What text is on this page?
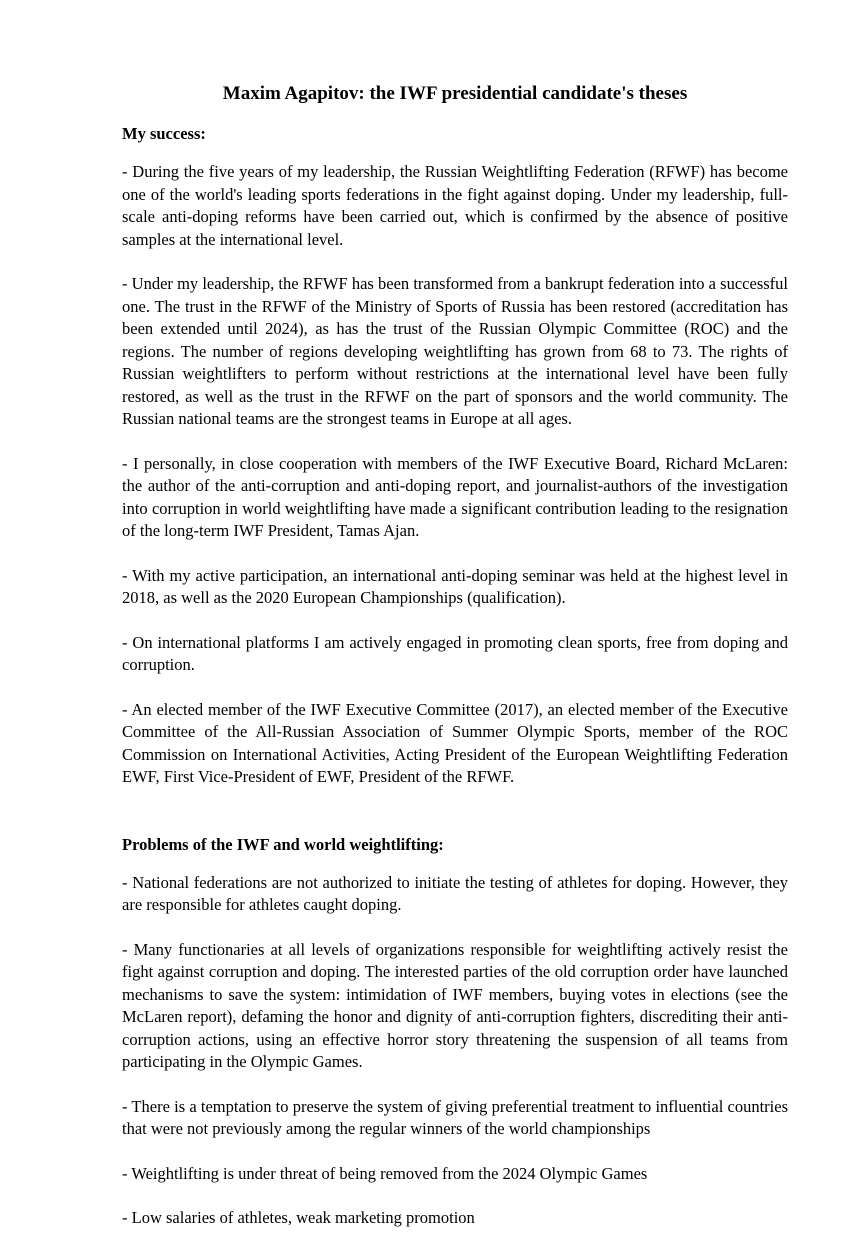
Maxim Agapitov: the IWF presidential candidate's theses
My success:

- During the five years of my leadership, the Russian Weightlifting Federation (RFWF) has become one of the world's leading sports federations in the fight against doping. Under my leadership, full-scale anti-doping reforms have been carried out, which is confirmed by the absence of positive samples at the international level.

- Under my leadership, the RFWF has been transformed from a bankrupt federation into a successful one. The trust in the RFWF of the Ministry of Sports of Russia has been restored (accreditation has been extended until 2024), as has the trust of the Russian Olympic Committee (ROC) and the regions. The number of regions developing weightlifting has grown from 68 to 73. The rights of Russian weightlifters to perform without restrictions at the international level have been fully restored, as well as the trust in the RFWF on the part of sponsors and the world community. The Russian national teams are the strongest teams in Europe at all ages.

- I personally, in close cooperation with members of the IWF Executive Board, Richard McLaren: the author of the anti-corruption and anti-doping report, and journalist-authors of the investigation into corruption in world weightlifting have made a significant contribution leading to the resignation of the long-term IWF President, Tamas Ajan.

- With my active participation, an international anti-doping seminar was held at the highest level in 2018, as well as the 2020 European Championships (qualification).

- On international platforms I am actively engaged in promoting clean sports, free from doping and corruption.

- An elected member of the IWF Executive Committee (2017), an elected member of the Executive Committee of the All-Russian Association of Summer Olympic Sports, member of the ROC Commission on International Activities, Acting President of the European Weightlifting Federation EWF, First Vice-President of EWF, President of the RFWF.

Problems of the IWF and world weightlifting:

- National federations are not authorized to initiate the testing of athletes for doping. However, they are responsible for athletes caught doping.

- Many functionaries at all levels of organizations responsible for weightlifting actively resist the fight against corruption and doping. The interested parties of the old corruption order have launched mechanisms to save the system: intimidation of IWF members, buying votes in elections (see the McLaren report), defaming the honor and dignity of anti-corruption fighters, discrediting their anti-corruption actions, using an effective horror story threatening the suspension of all teams from participating in the Olympic Games.

- There is a temptation to preserve the system of giving preferential treatment to influential countries that were not previously among the regular winners of the world championships

- Weightlifting is under threat of being removed from the 2024 Olympic Games

- Low salaries of athletes, weak marketing promotion
